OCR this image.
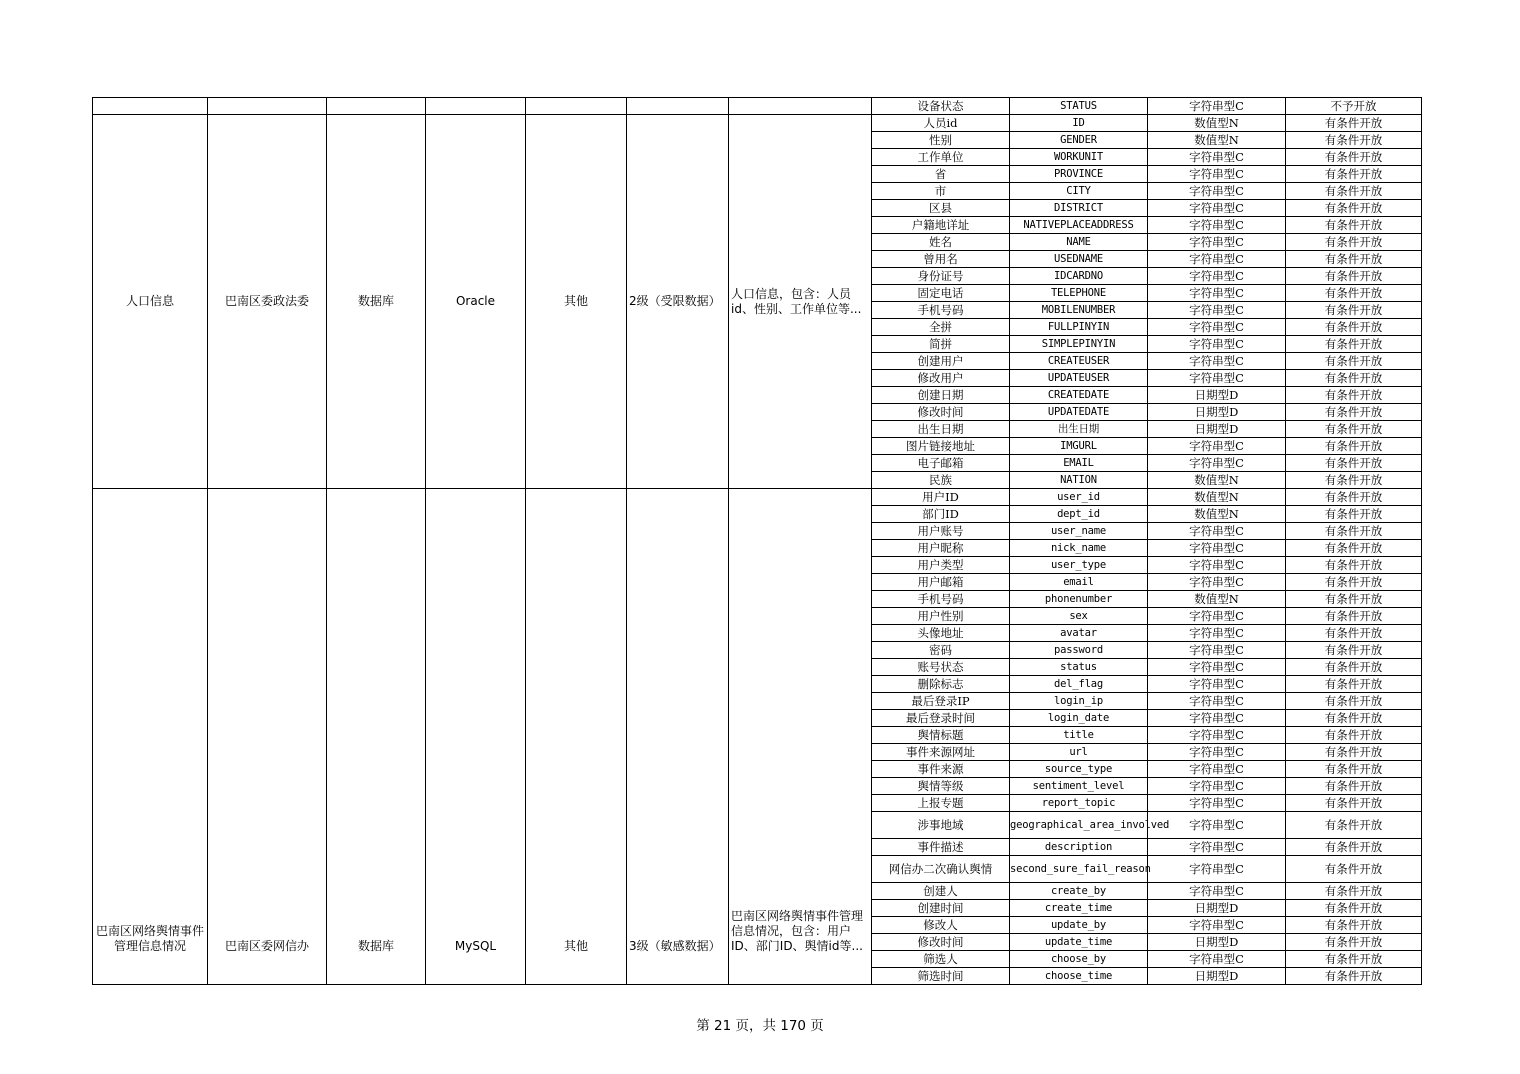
							设备状态	STATUS	字符串型C	不予开放
人口信息	巴南区委政法委	数据库	Oracle	其他	2级（受限数据）	人口信息，包含：人员id、性别、工作单位等...	人员id	ID	数值型N	有条件开放
							性别	GENDER	数值型N	有条件开放
							工作单位	WORKUNIT	字符串型C	有条件开放
							省	PROVINCE	字符串型C	有条件开放
							市	CITY	字符串型C	有条件开放
							区县	DISTRICT	字符串型C	有条件开放
							户籍地详址	NATIVEPLACEADDRESS	字符串型C	有条件开放
							姓名	NAME	字符串型C	有条件开放
							曾用名	USEDNAME	字符串型C	有条件开放
							身份证号	IDCARDNO	字符串型C	有条件开放
							固定电话	TELEPHONE	字符串型C	有条件开放
							手机号码	MOBILENUMBER	字符串型C	有条件开放
							全拼	FULLPINYIN	字符串型C	有条件开放
							简拼	SIMPLEPINYIN	字符串型C	有条件开放
							创建用户	CREATEUSER	字符串型C	有条件开放
							修改用户	UPDATEUSER	字符串型C	有条件开放
							创建日期	CREATEDATE	日期型D	有条件开放
							修改时间	UPDATEDATE	日期型D	有条件开放
							出生日期	出生日期	日期型D	有条件开放
							图片链接地址	IMGURL	字符串型C	有条件开放
							电子邮箱	EMAIL	字符串型C	有条件开放
							民族	NATION	数值型N	有条件开放
巴南区网络舆情事件管理信息情况	巴南区委网信办	数据库	MySQL	其他	3级（敏感数据）	巴南区网络舆情事件管理信息情况，包含：用户ID、部门ID、舆情id等...	用户ID	user_id	数值型N	有条件开放
							部门ID	dept_id	数值型N	有条件开放
							用户账号	user_name	字符串型C	有条件开放
							用户昵称	nick_name	字符串型C	有条件开放
							用户类型	user_type	字符串型C	有条件开放
							用户邮箱	email	字符串型C	有条件开放
							手机号码	phonenumber	数值型N	有条件开放
							用户性别	sex	字符串型C	有条件开放
							头像地址	avatar	字符串型C	有条件开放
							密码	password	字符串型C	有条件开放
							账号状态	status	字符串型C	有条件开放
							删除标志	del_flag	字符串型C	有条件开放
							最后登录IP	login_ip	字符串型C	有条件开放
							最后登录时间	login_date	字符串型C	有条件开放
							舆情标题	title	字符串型C	有条件开放
							事件来源网址	url	字符串型C	有条件开放
							事件来源	source_type	字符串型C	有条件开放
							舆情等级	sentiment_level	字符串型C	有条件开放
							上报专题	report_topic	字符串型C	有条件开放
							涉事地域	geographical_area_involved	字符串型C	有条件开放
							事件描述	description	字符串型C	有条件开放
							网信办二次确认舆情	second_sure_fail_reason	字符串型C	有条件开放
							创建人	create_by	字符串型C	有条件开放
							创建时间	create_time	日期型D	有条件开放
							修改人	update_by	字符串型C	有条件开放
							修改时间	update_time	日期型D	有条件开放
							筛选人	choose_by	字符串型C	有条件开放
							筛选时间	choose_time	日期型D	有条件开放
第 21 页，共 170 页
